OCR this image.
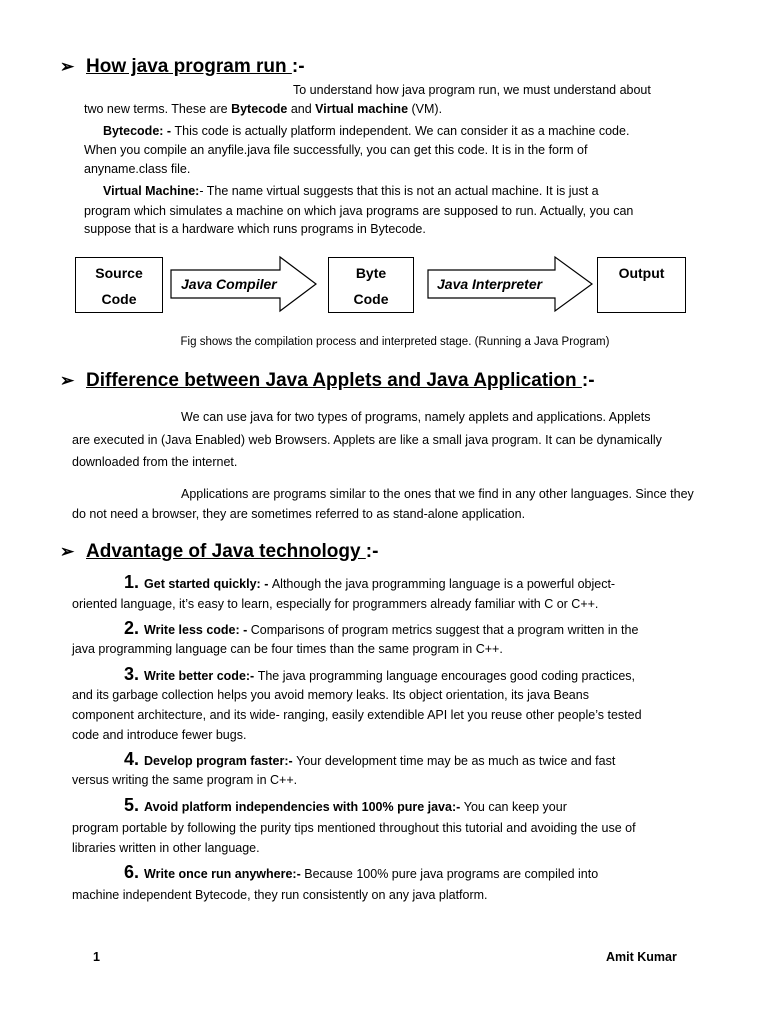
➢ How java program run :-
To understand how java program run, we must understand about
two new terms. These are Bytecode and Virtual machine (VM).
Bytecode: - This code is actually platform independent. We can consider it as a machine code.
When you compile an anyfile.java file successfully, you can get this code. It is in the form of
anyname.class file.
Virtual Machine:- The name virtual suggests that this is not an actual machine. It is just a
program which simulates a machine on which java programs are supposed to run. Actually, you can
suppose that is a hardware which runs programs in Bytecode.
Source
Code
Java Compiler
Byte
Code
Java Interpreter
Output
Fig shows the compilation process and interpreted stage. (Running a Java Program)
➢ Difference between Java Applets and Java Application :-
We can use java for two types of programs, namely applets and applications. Applets
are executed in (Java Enabled) web Browsers. Applets are like a small java program. It can be dynamically
downloaded from the internet.
Applications are programs similar to the ones that we find in any other languages. Since they
do not need a browser, they are sometimes referred to as stand-alone application.
➢ Advantage of Java technology :-
1. Get started quickly: - Although the java programming language is a powerful object-
oriented language, it’s easy to learn, especially for programmers already familiar with C or C++.
2. Write less code: - Comparisons of program metrics suggest that a program written in the
java programming language can be four times than the same program in C++.
3. Write better code:- The java programming language encourages good coding practices,
and its garbage collection helps you avoid memory leaks. Its object orientation, its java Beans
component architecture, and its wide- ranging, easily extendible API let you reuse other people’s tested
code and introduce fewer bugs.
4. Develop program faster:- Your development time may be as much as twice and fast
versus writing the same program in C++.
5. Avoid platform independencies with 100% pure java:- You can keep your
program portable by following the purity tips mentioned throughout this tutorial and avoiding the use of
libraries written in other language.
6. Write once run anywhere:- Because 100% pure java programs are compiled into
machine independent Bytecode, they run consistently on any java platform.
1	Amit Kumar
